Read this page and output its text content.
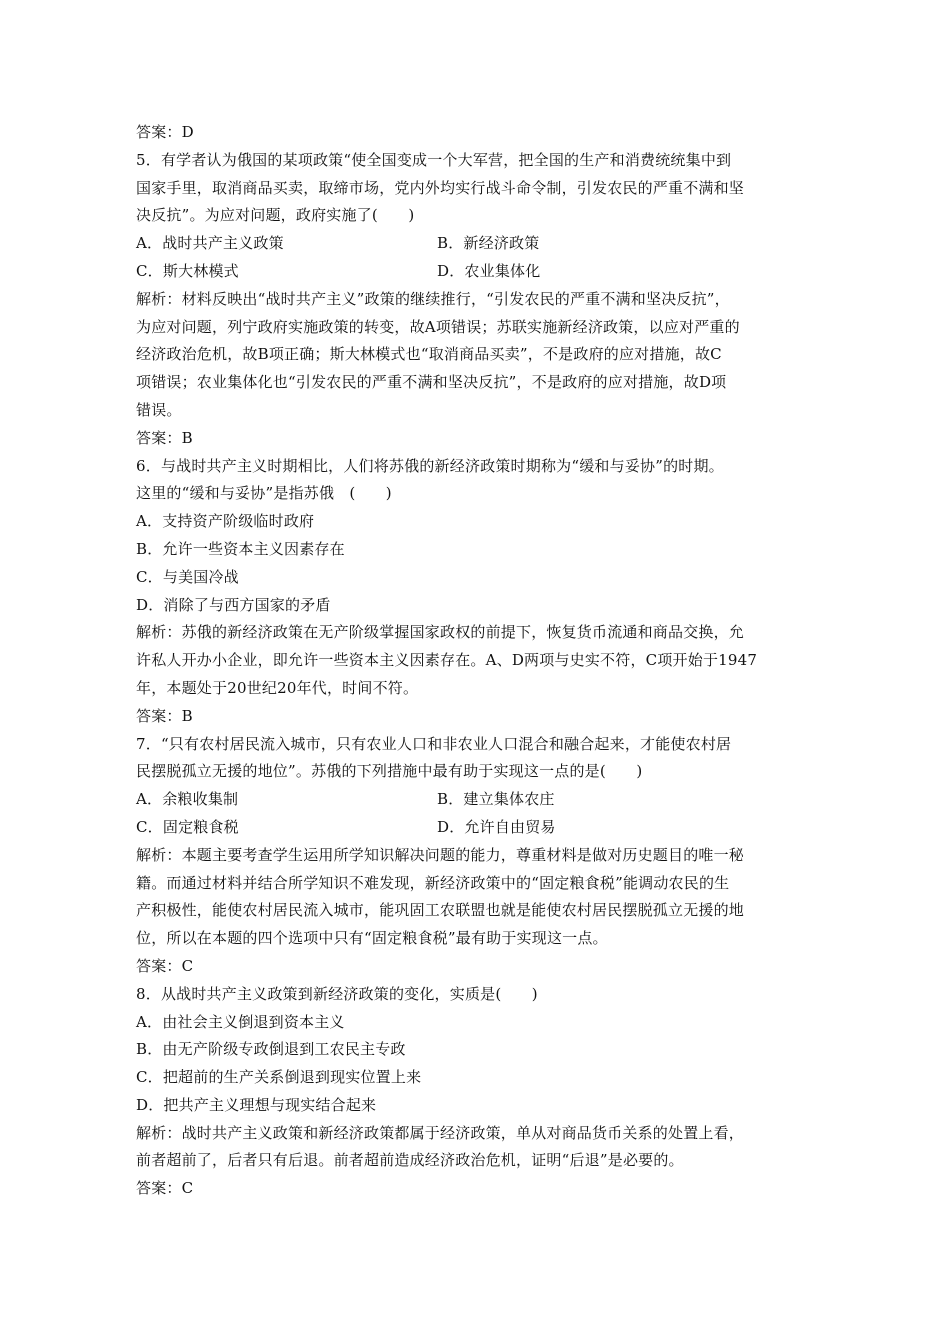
答案：D
5．有学者认为俄国的某项政策“使全国变成一个大军营，把全国的生产和消费统统集中到
国家手里，取消商品买卖，取缔市场，党内外均实行战斗命令制，引发农民的严重不满和坚
决反抗”。为应对问题，政府实施了(　　)
A．战时共产主义政策	B．新经济政策
C．斯大林模式	D．农业集体化
解析：材料反映出“战时共产主义”政策的继续推行，“引发农民的严重不满和坚决反抗”，
为应对问题，列宁政府实施政策的转变，故A项错误；苏联实施新经济政策，以应对严重的
经济政治危机，故B项正确；斯大林模式也“取消商品买卖”，不是政府的应对措施，故C
项错误；农业集体化也“引发农民的严重不满和坚决反抗”，不是政府的应对措施，故D项
错误。
答案：B
6．与战时共产主义时期相比，人们将苏俄的新经济政策时期称为“缓和与妥协”的时期。
这里的“缓和与妥协”是指苏俄　(　　)
A．支持资产阶级临时政府
B．允许一些资本主义因素存在
C．与美国冷战
D．消除了与西方国家的矛盾
解析：苏俄的新经济政策在无产阶级掌握国家政权的前提下，恢复货币流通和商品交换，允
许私人开办小企业，即允许一些资本主义因素存在。A、D两项与史实不符，C项开始于1947
年，本题处于20世纪20年代，时间不符。
答案：B
7．“只有农村居民流入城市，只有农业人口和非农业人口混合和融合起来，才能使农村居
民摆脱孤立无援的地位”。苏俄的下列措施中最有助于实现这一点的是(　　)
A．余粮收集制	B．建立集体农庄
C．固定粮食税	D．允许自由贸易
解析：本题主要考查学生运用所学知识解决问题的能力，尊重材料是做对历史题目的唯一秘
籍。而通过材料并结合所学知识不难发现，新经济政策中的“固定粮食税”能调动农民的生
产积极性，能使农村居民流入城市，能巩固工农联盟也就是能使农村居民摆脱孤立无援的地
位，所以在本题的四个选项中只有“固定粮食税”最有助于实现这一点。
答案：C
8．从战时共产主义政策到新经济政策的变化，实质是(　　)
A．由社会主义倒退到资本主义
B．由无产阶级专政倒退到工农民主专政
C．把超前的生产关系倒退到现实位置上来
D．把共产主义理想与现实结合起来
解析：战时共产主义政策和新经济政策都属于经济政策，单从对商品货币关系的处置上看，
前者超前了，后者只有后退。前者超前造成经济政治危机，证明“后退”是必要的。
答案：C
